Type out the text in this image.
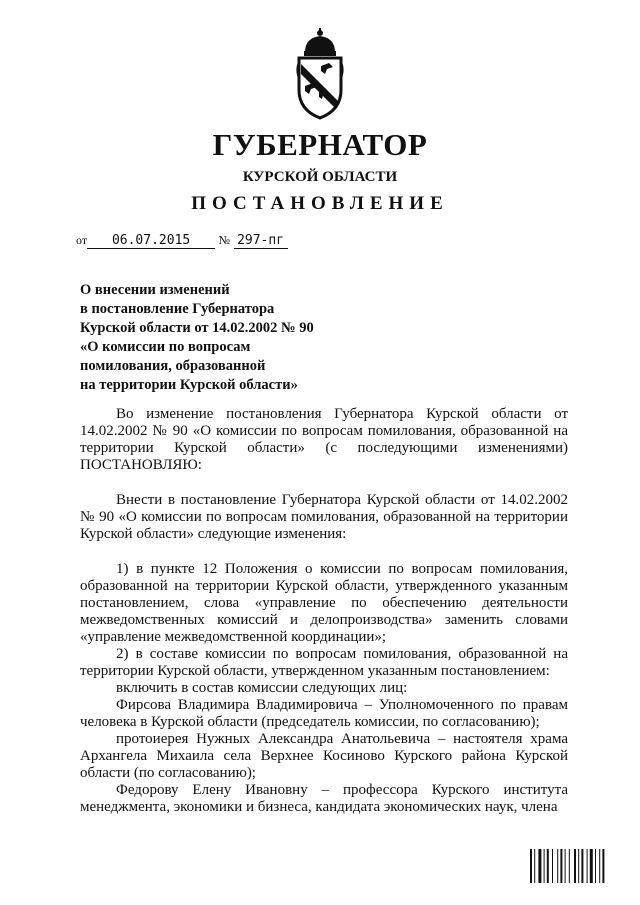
ГУБЕРНАТОР
КУРСКОЙ ОБЛАСТИ
ПОСТАНОВЛЕНИЕ
от 06.07.2015 № 297-пг
О внесении изменений
в постановление Губернатора
Курской области от 14.02.2002 № 90
«О комиссии по вопросам
помилования, образованной
на территории Курской области»

Во изменение постановления Губернатора Курской области от 14.02.2002 № 90 «О комиссии по вопросам помилования, образованной на территории Курской области» (с последующими изменениями) ПОСТАНОВЛЯЮ:

Внести в постановление Губернатора Курской области от 14.02.2002 № 90 «О комиссии по вопросам помилования, образованной на территории Курской области» следующие изменения:

1) в пункте 12 Положения о комиссии по вопросам помилования, образованной на территории Курской области, утвержденного указанным постановлением, слова «управление по обеспечению деятельности межведомственных комиссий и делопроизводства» заменить словами «управление межведомственной координации»;

2) в составе комиссии по вопросам помилования, образованной на территории Курской области, утвержденном указанным постановлением:

включить в состав комиссии следующих лиц:

Фирсова Владимира Владимировича – Уполномоченного по правам человека в Курской области (председатель комиссии, по согласованию);

протоиерея Нужных Александра Анатольевича – настоятеля храма Архангела Михаила села Верхнее Косиново Курского района Курской области (по согласованию);

Федорову Елену Ивановну – профессора Курского института менеджмента, экономики и бизнеса, кандидата экономических наук, члена
